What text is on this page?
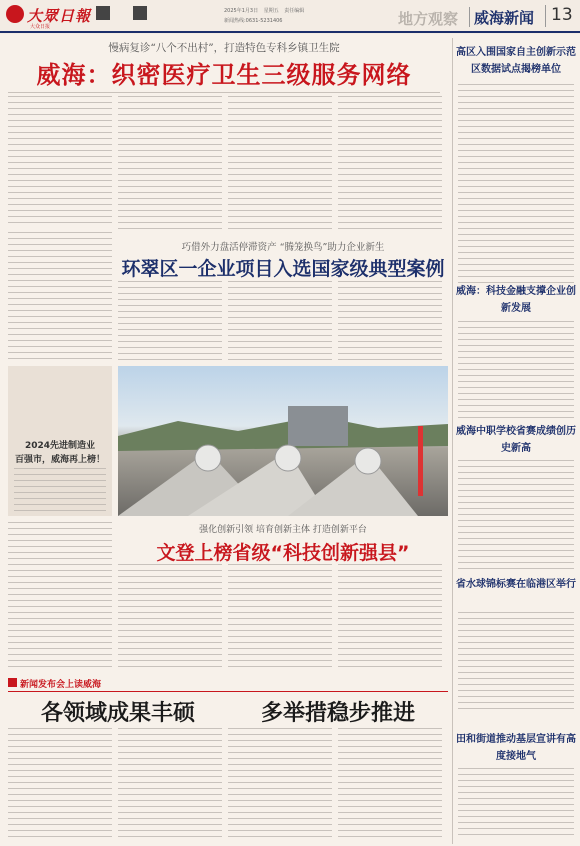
大眾日報
大众日报
2025年1月3日 星期五 责任编辑
新闻热线:0631-5231406	地方观察 威海新闻 13
慢病复诊“八个不出村”，打造特色专科乡镇卫生院
威海：织密医疗卫生三级服务网络
巧借外力盘活停滞资产 “腾笼换鸟”助力企业新生
环翠区一企业项目入选国家级典型案例
2024先进制造业
百强市，威海再上榜！
强化创新引领 培育创新主体 打造创新平台
文登上榜省级“科技创新强县”
新闻发布会上读威海
各领域成果丰硕	多举措稳步推进
高区入围国家自主创新示范区数据试点揭榜单位
威海：科技金融支撑企业创新发展
威海中职学校省赛成绩创历史新高
省水球锦标赛在临港区举行
田和街道推动基层宣讲有高度接地气
